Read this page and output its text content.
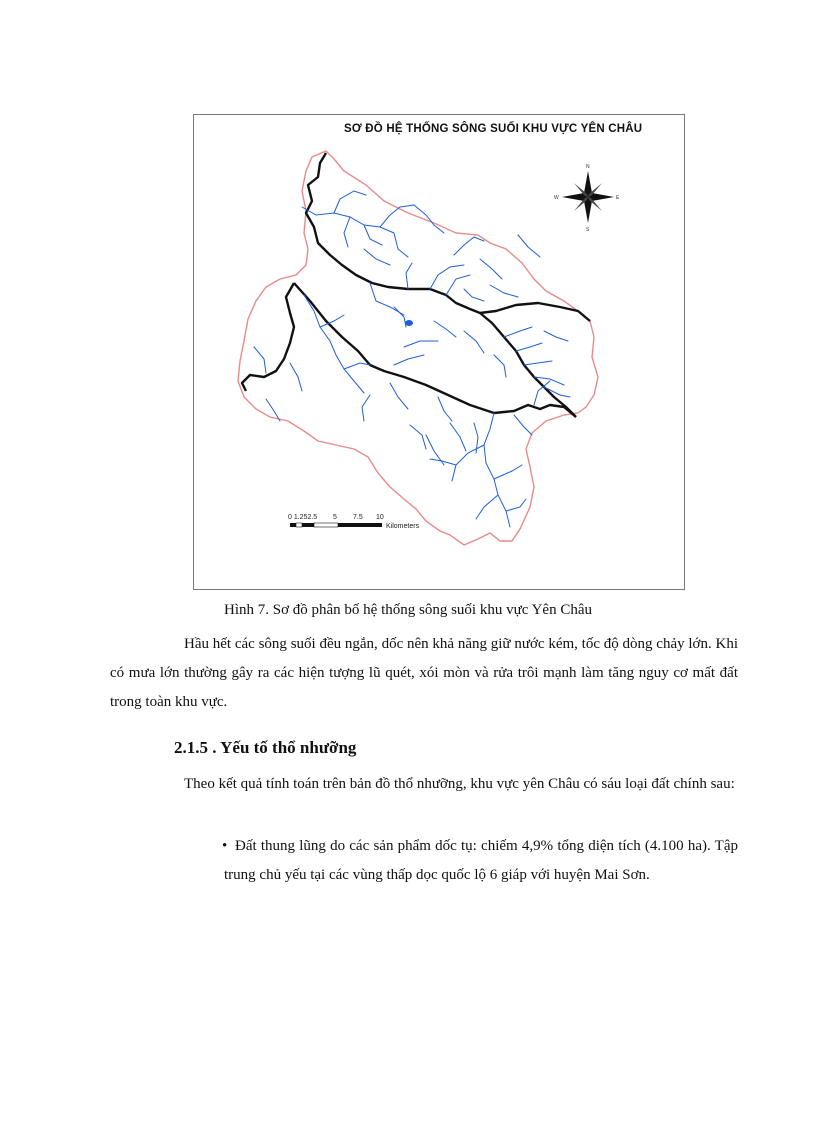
SƠ ĐỒ HỆ THỐNG SÔNG SUỐI KHU VỰC YÊN CHÂU
N
S
E
W
0 1.252.5 5 7.5 10
Kilometers
Hình 7. Sơ đồ phân bố hệ thống sông suối khu vực Yên Châu
Hầu hết các sông suối đều ngắn, dốc nên khả năng giữ nước kém, tốc độ dòng chảy lớn. Khi có mưa lớn thường gây ra các hiện tượng lũ quét, xói mòn và rửa trôi mạnh làm tăng nguy cơ mất đất trong toàn khu vực.
2.1.5 . Yếu tố thổ nhưỡng
Theo kết quả tính toán trên bản đồ thổ nhưỡng, khu vực yên Châu có sáu loại đất chính sau:
• Đất thung lũng do các sản phẩm dốc tụ: chiếm 4,9% tổng diện tích (4.100 ha). Tập trung chủ yếu tại các vùng thấp dọc quốc lộ 6 giáp với huyện Mai Sơn.
